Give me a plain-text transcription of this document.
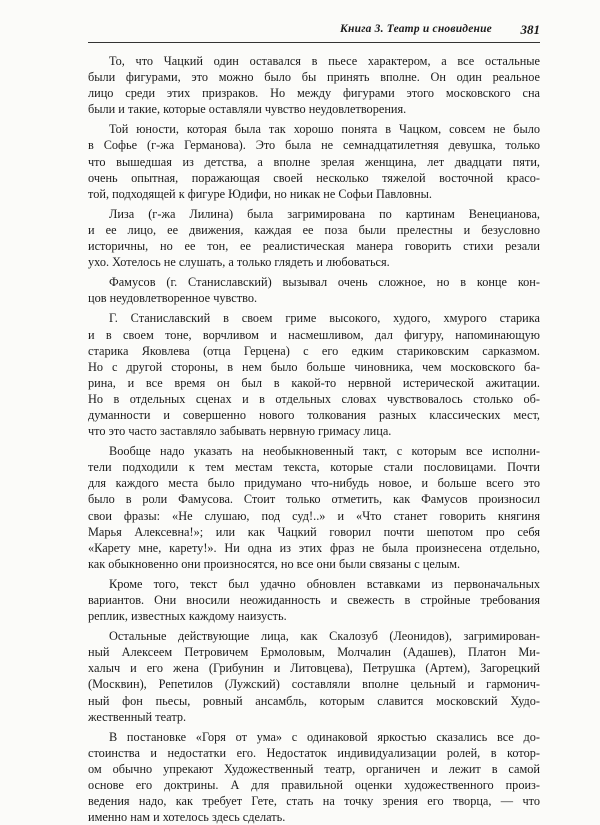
Книга 3. Театр и сновидение 381
То, что Чацкий один оставался в пьесе характером, а все остальные
были фигурами, это можно было бы принять вполне. Он один реальное
лицо среди этих призраков. Но между фигурами этого московского сна
были и такие, которые оставляли чувство неудовлетворения.
Той юности, которая была так хорошо понята в Чацком, совсем не было
в Софье (г-жа Германова). Это была не семнадцатилетняя девушка, только
что вышедшая из детства, а вполне зрелая женщина, лет двадцати пяти,
очень опытная, поражающая своей несколько тяжелой восточной красо-
той, подходящей к фигуре Юдифи, но никак не Софьи Павловны.
Лиза (г-жа Лилина) была загримирована по картинам Венецианова,
и ее лицо, ее движения, каждая ее поза были прелестны и безусловно
историчны, но ее тон, ее реалистическая манера говорить стихи резали
ухо. Хотелось не слушать, а только глядеть и любоваться.
Фамусов (г. Станиславский) вызывал очень сложное, но в конце кон-
цов неудовлетворенное чувство.
Г. Станиславский в своем гриме высокого, худого, хмурого старика
и в своем тоне, ворчливом и насмешливом, дал фигуру, напоминающую
старика Яковлева (отца Герцена) с его едким стариковским сарказмом.
Но с другой стороны, в нем было больше чиновника, чем московского ба-
рина, и все время он был в какой-то нервной истерической ажитации.
Но в отдельных сценах и в отдельных словах чувствовалось столько об-
думанности и совершенно нового толкования разных классических мест,
что это часто заставляло забывать нервную гримасу лица.
Вообще надо указать на необыкновенный такт, с которым все исполни-
тели подходили к тем местам текста, которые стали пословицами. Почти
для каждого места было придумано что-нибудь новое, и больше всего это
было в роли Фамусова. Стоит только отметить, как Фамусов произносил
свои фразы: «Не слушаю, под суд!..» и «Что станет говорить княгиня
Марья Алексевна!»; или как Чацкий говорил почти шепотом про себя
«Карету мне, карету!». Ни одна из этих фраз не была произнесена отдельно,
как обыкновенно они произносятся, но все они были связаны с целым.
Кроме того, текст был удачно обновлен вставками из первоначальных
вариантов. Они вносили неожиданность и свежесть в стройные требования
реплик, известных каждому наизусть.
Остальные действующие лица, как Скалозуб (Леонидов), загримирован-
ный Алексеем Петровичем Ермоловым, Молчалин (Адашев), Платон Ми-
халыч и его жена (Грибунин и Литовцева), Петрушка (Артем), Загорецкий
(Москвин), Репетилов (Лужский) составляли вполне цельный и гармонич-
ный фон пьесы, ровный ансамбль, которым славится московский Худо-
жественный театр.
В постановке «Горя от ума» с одинаковой яркостью сказались все до-
стоинства и недостатки его. Недостаток индивидуализации ролей, в котор-
ом обычно упрекают Художественный театр, органичен и лежит в самой
основе его доктрины. А для правильной оценки художественного произ-
ведения надо, как требует Гете, стать на точку зрения его творца, — что
именно нам и хотелось здесь сделать.
